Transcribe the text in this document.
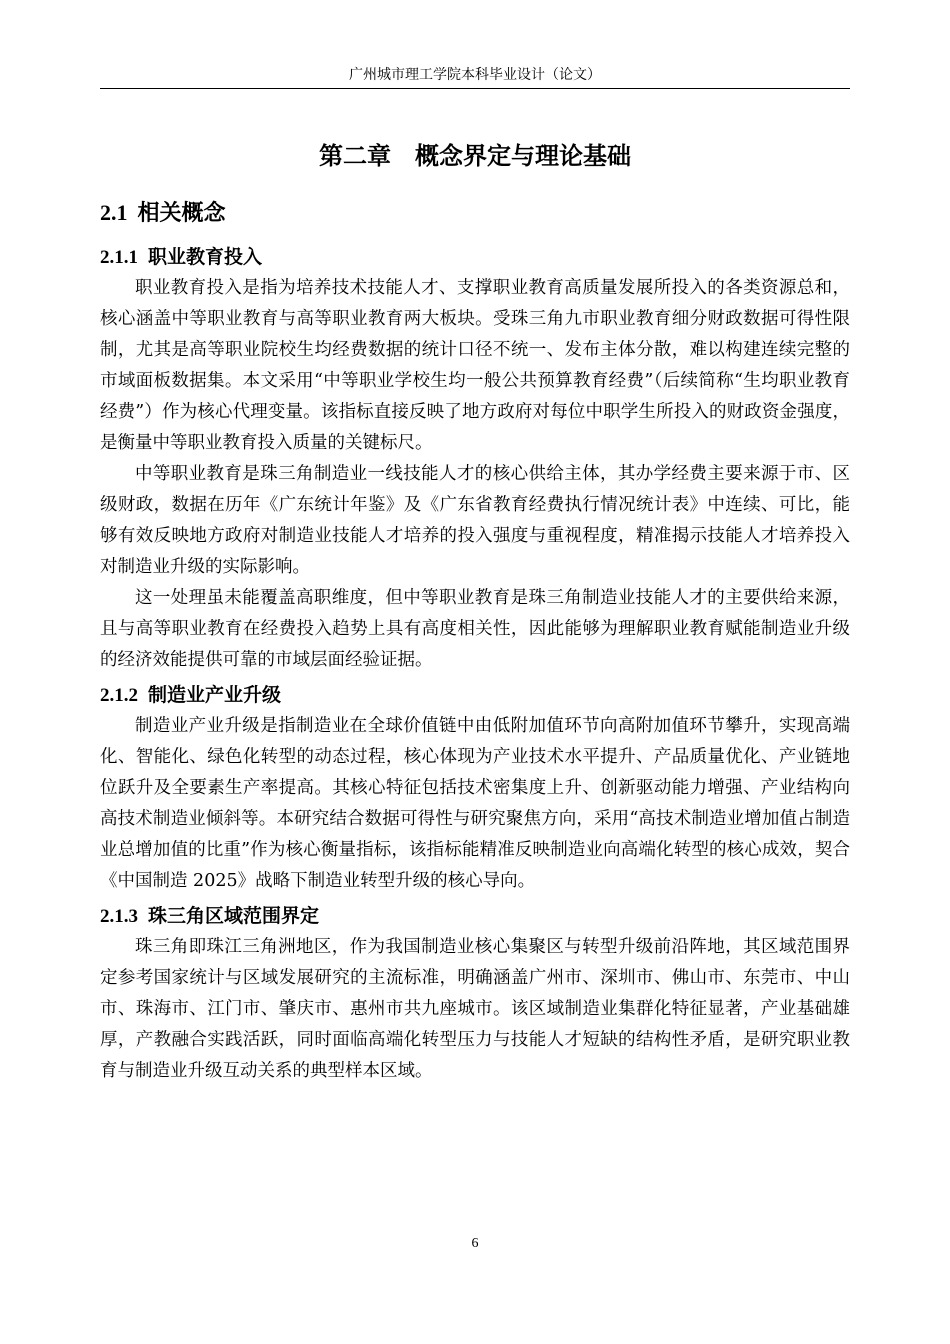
广州城市理工学院本科毕业设计（论文）
第二章 概念界定与理论基础
2.1 相关概念
2.1.1 职业教育投入

职业教育投入是指为培养技术技能人才、支撑职业教育高质量发展所投入的各类资源总和，核心涵盖中等职业教育与高等职业教育两大板块。受珠三角九市职业教育细分财政数据可得性限制，尤其是高等职业院校生均经费数据的统计口径不统一、发布主体分散，难以构建连续完整的市域面板数据集。本文采用“中等职业学校生均一般公共预算教育经费”（后续简称“生均职业教育经费”）作为核心代理变量。该指标直接反映了地方政府对每位中职学生所投入的财政资金强度，是衡量中等职业教育投入质量的关键标尺。

中等职业教育是珠三角制造业一线技能人才的核心供给主体，其办学经费主要来源于市、区级财政，数据在历年《广东统计年鉴》及《广东省教育经费执行情况统计表》中连续、可比，能够有效反映地方政府对制造业技能人才培养的投入强度与重视程度，精准揭示技能人才培养投入对制造业升级的实际影响。

这一处理虽未能覆盖高职维度，但中等职业教育是珠三角制造业技能人才的主要供给来源，且与高等职业教育在经费投入趋势上具有高度相关性，因此能够为理解职业教育赋能制造业升级的经济效能提供可靠的市域层面经验证据。

2.1.2 制造业产业升级

制造业产业升级是指制造业在全球价值链中由低附加值环节向高附加值环节攀升，实现高端化、智能化、绿色化转型的动态过程，核心体现为产业技术水平提升、产品质量优化、产业链地位跃升及全要素生产率提高。其核心特征包括技术密集度上升、创新驱动能力增强、产业结构向高技术制造业倾斜等。本研究结合数据可得性与研究聚焦方向，采用“高技术制造业增加值占制造业总增加值的比重”作为核心衡量指标，该指标能精准反映制造业向高端化转型的核心成效，契合《中国制造 2025》战略下制造业转型升级的核心导向。

2.1.3 珠三角区域范围界定

珠三角即珠江三角洲地区，作为我国制造业核心集聚区与转型升级前沿阵地，其区域范围界定参考国家统计与区域发展研究的主流标准，明确涵盖广州市、深圳市、佛山市、东莞市、中山市、珠海市、江门市、肇庆市、惠州市共九座城市。该区域制造业集群化特征显著，产业基础雄厚，产教融合实践活跃，同时面临高端化转型压力与技能人才短缺的结构性矛盾，是研究职业教育与制造业升级互动关系的典型样本区域。

6
